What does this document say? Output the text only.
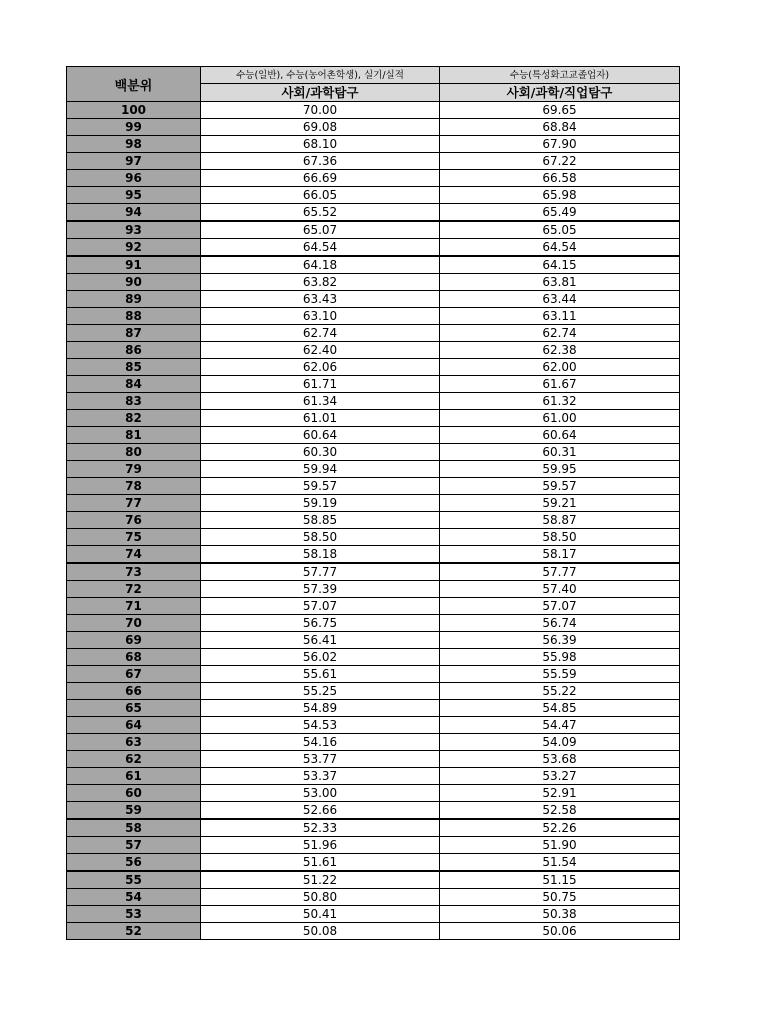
백분위	수능(일반), 수능(농어촌학생), 실기/실적	수능(특성화고교졸업자)
	사회/과학탐구	사회/과학/직업탐구
100	70.00	69.65
99	69.08	68.84
98	68.10	67.90
97	67.36	67.22
96	66.69	66.58
95	66.05	65.98
94	65.52	65.49
93	65.07	65.05
92	64.54	64.54
91	64.18	64.15
90	63.82	63.81
89	63.43	63.44
88	63.10	63.11
87	62.74	62.74
86	62.40	62.38
85	62.06	62.00
84	61.71	61.67
83	61.34	61.32
82	61.01	61.00
81	60.64	60.64
80	60.30	60.31
79	59.94	59.95
78	59.57	59.57
77	59.19	59.21
76	58.85	58.87
75	58.50	58.50
74	58.18	58.17
73	57.77	57.77
72	57.39	57.40
71	57.07	57.07
70	56.75	56.74
69	56.41	56.39
68	56.02	55.98
67	55.61	55.59
66	55.25	55.22
65	54.89	54.85
64	54.53	54.47
63	54.16	54.09
62	53.77	53.68
61	53.37	53.27
60	53.00	52.91
59	52.66	52.58
58	52.33	52.26
57	51.96	51.90
56	51.61	51.54
55	51.22	51.15
54	50.80	50.75
53	50.41	50.38
52	50.08	50.06
